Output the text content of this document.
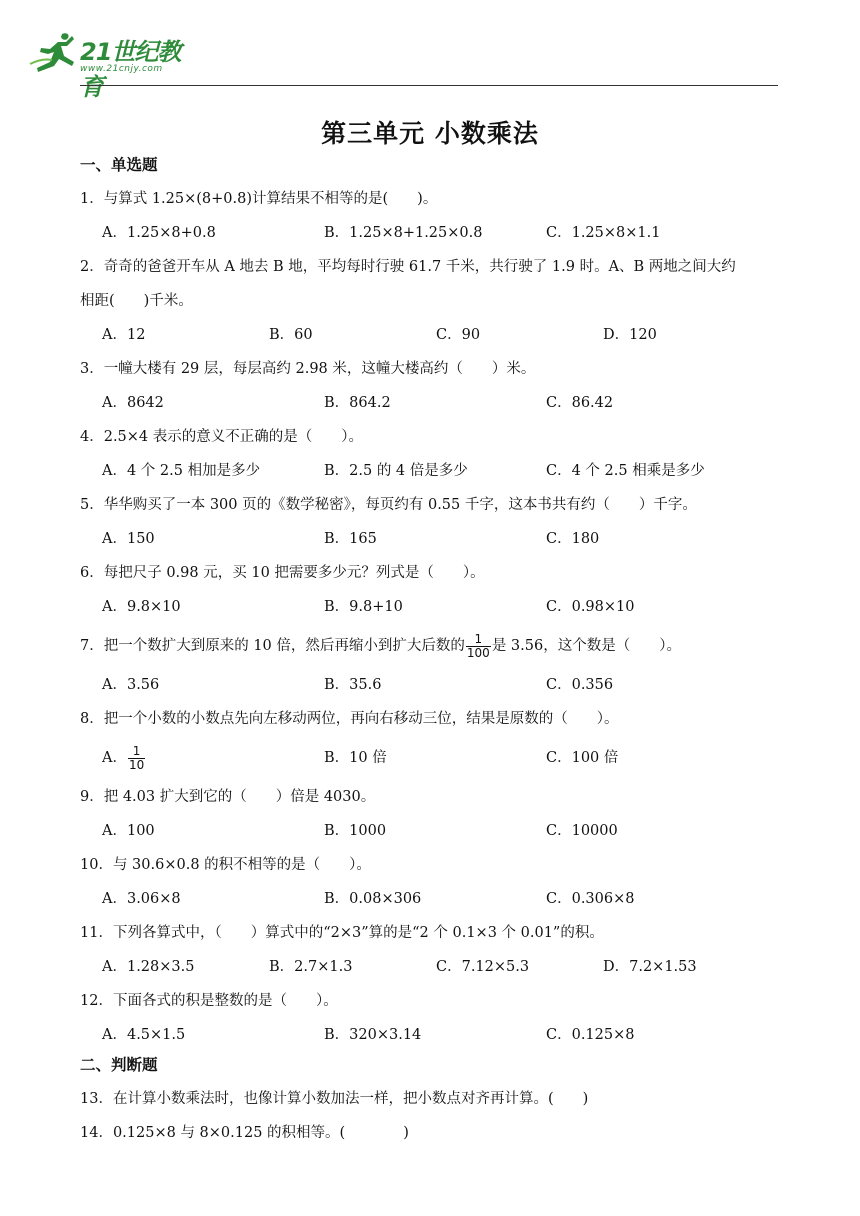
21世纪教育
www.21cnjy.com
第三单元 小数乘法
一、单选题
1．与算式 1.25×(8+0.8)计算结果不相等的是(　　)。
A．1.25×8+0.8	B．1.25×8+1.25×0.8	C．1.25×8×1.1
2．奇奇的爸爸开车从 A 地去 B 地，平均每时行驶 61.7 千米，共行驶了 1.9 时。A、B 两地之间大约
相距(　　)千米。
A．12	B．60	C．90	D．120
3．一幢大楼有 29 层，每层高约 2.98 米，这幢大楼高约（　　）米。
A．8642	B．864.2	C．86.42
4．2.5×4 表示的意义不正确的是（　　）。
A．4 个 2.5 相加是多少	B．2.5 的 4 倍是多少	C．4 个 2.5 相乘是多少
5．华华购买了一本 300 页的《数学秘密》，每页约有 0.55 千字，这本书共有约（　　）千字。
A．150	B．165	C．180
6．每把尺子 0.98 元，买 10 把需要多少元？列式是（　　）。
A．9.8×10	B．9.8+10	C．0.98×10
7．把一个数扩大到原来的 10 倍，然后再缩小到扩大后数的 $\frac{1}{100}$ 是 3.56，这个数是（　　）。
A．3.56	B．35.6	C．0.356
8．把一个小数的小数点先向左移动两位，再向右移动三位，结果是原数的（　　）。
A． $\frac{1}{10}$	B．10 倍	C．100 倍
9．把 4.03 扩大到它的（　　）倍是 4030。
A．100	B．1000	C．10000
10．与 30.6×0.8 的积不相等的是（　　）。
A．3.06×8	B．0.08×306	C．0.306×8
11．下列各算式中，（　　）算式中的“2×3”算的是“2 个 0.1×3 个 0.01”的积。
A．1.28×3.5	B．2.7×1.3	C．7.12×5.3	D．7.2×1.53
12．下面各式的积是整数的是（　　）。
A．4.5×1.5	B．320×3.14	C．0.125×8
二、判断题
13．在计算小数乘法时，也像计算小数加法一样，把小数点对齐再计算。(　　)
14．0.125×8 与 8×0.125 的积相等。(　　　　)
